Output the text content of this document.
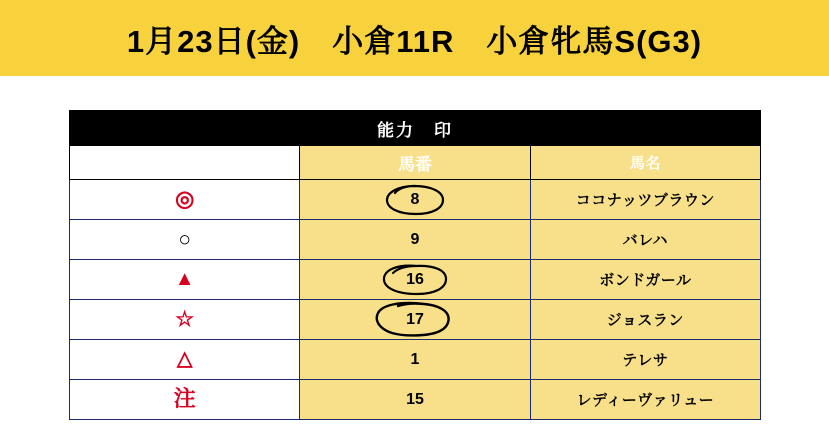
1月23日(金)　小倉11R　小倉牝馬S(G3)
能力　印		
印	馬番	馬名
◎	8	ココナッツブラウン
○	9	バレハ
▲	16	ボンドガール
☆	17	ジョスラン
△	1	テレサ
注	15	レディーヴァリュー
